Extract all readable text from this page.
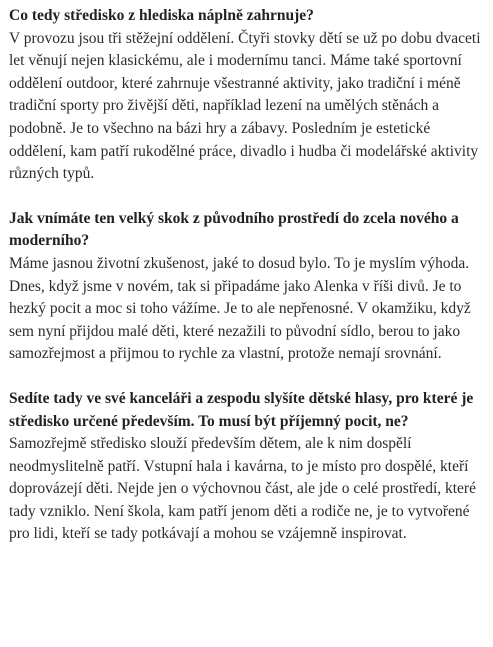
Co tedy středisko z hlediska náplně zahrnuje?

V provozu jsou tři stěžejní oddělení. Čtyři stovky dětí se už po dobu dvaceti let věnují nejen klasickému, ale i modernímu tanci. Máme také sportovní oddělení outdoor, které zahrnuje všestranné aktivity, jako tradiční i méně tradiční sporty pro živější děti, například lezení na umělých stěnách a podobně. Je to všechno na bázi hry a zábavy. Posledním je estetické oddělení, kam patří rukodělné práce, divadlo i hudba či modelářské aktivity různých typů.

Jak vnímáte ten velký skok z původního prostředí do zcela nového a moderního?

Máme jasnou životní zkušenost, jaké to dosud bylo. To je myslím výhoda. Dnes, když jsme v novém, tak si připadáme jako Alenka v říši divů. Je to hezký pocit a moc si toho vážíme. Je to ale nepřenosné. V okamžiku, když sem nyní přijdou malé děti, které nezažili to původní sídlo, berou to jako samozřejmost a přijmou to rychle za vlastní, protože nemají srovnání.

Sedíte tady ve své kanceláři a zespodu slyšíte dětské hlasy, pro které je středisko určené především. To musí být příjemný pocit, ne?

Samozřejmě středisko slouží především dětem, ale k nim dospělí neodmyslitelně patří. Vstupní hala i kavárna, to je místo pro dospělé, kteří doprovázejí děti. Nejde jen o výchovnou část, ale jde o celé prostředí, které tady vzniklo. Není škola, kam patří jenom děti a rodiče ne, je to vytvořené pro lidi, kteří se tady potkávají a mohou se vzájemně inspirovat.
